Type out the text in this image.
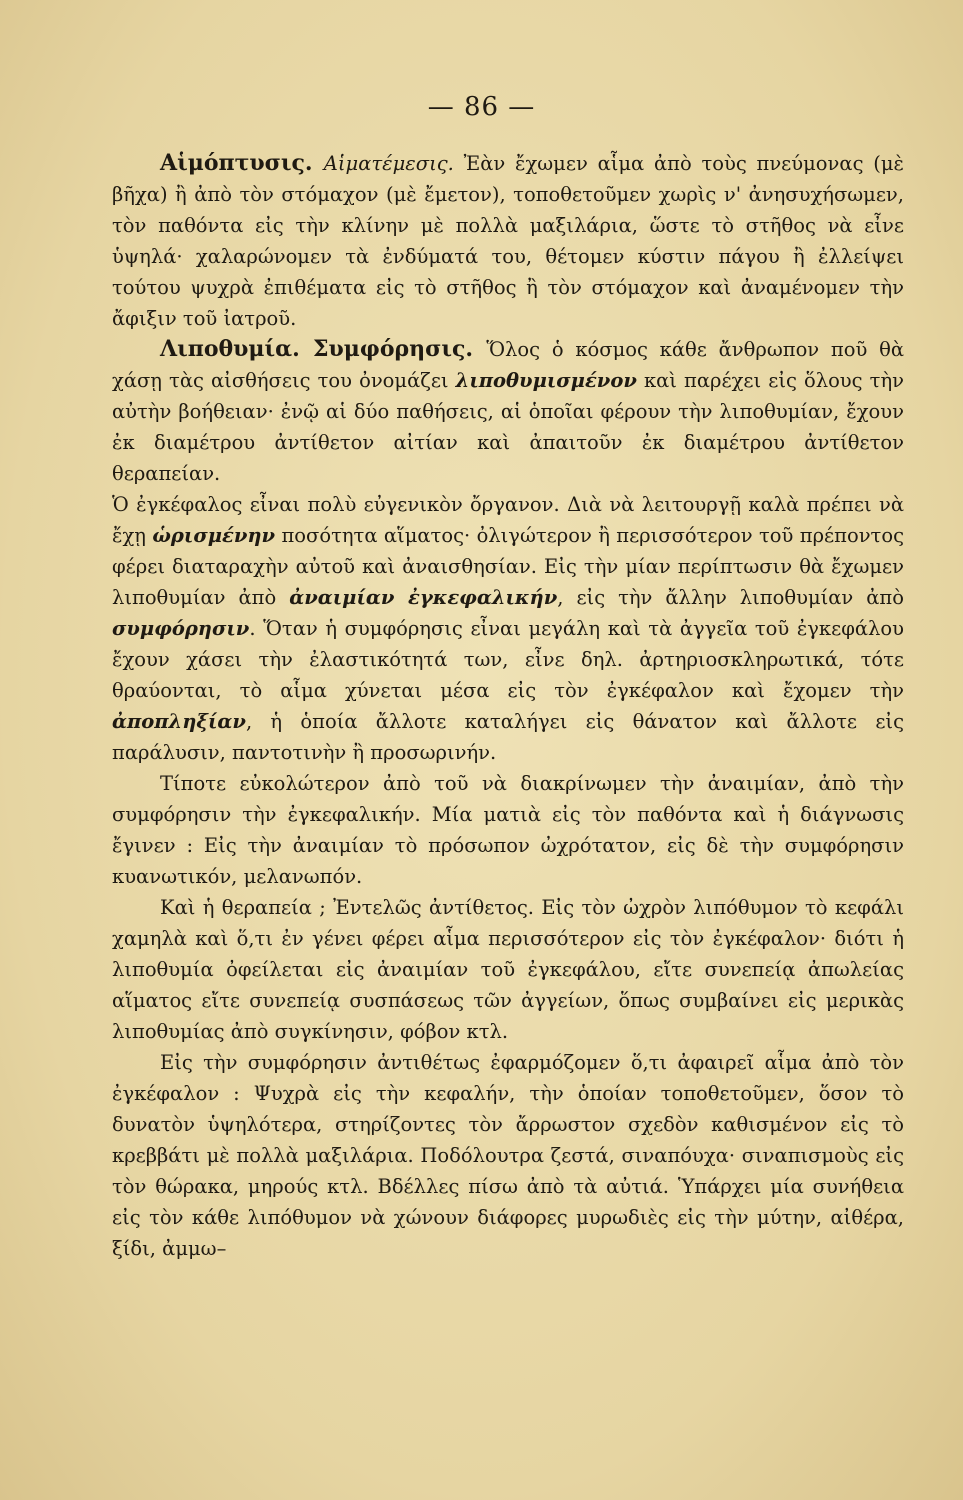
— 86 —

Αἱμόπτυσις. Αἱματέμεσις. Ἐὰν ἔχωμεν αἷμα ἀπὸ τοὺς πνεύμονας (μὲ βῆχα) ἢ ἀπὸ τὸν στόμαχον (μὲ ἔμετον), τοποθετοῦμεν χωρὶς ν' ἀνησυχήσωμεν, τὸν παθόντα εἰς τὴν κλίνην μὲ πολλὰ μαξιλάρια, ὥστε τὸ στῆθος νὰ εἶνε ὑψηλά· χαλαρώνομεν τὰ ἐνδύματά του, θέτομεν κύστιν πάγου ἢ ἐλλείψει τούτου ψυχρὰ ἐπιθέματα εἰς τὸ στῆθος ἢ τὸν στόμαχον καὶ ἀναμένομεν τὴν ἄφιξιν τοῦ ἰατροῦ.

Λιποθυμία. Συμφόρησις. Ὅλος ὁ κόσμος κάθε ἄνθρωπον ποῦ θὰ χάσῃ τὰς αἰσθήσεις του ὀνομάζει λιποθυμισμένον καὶ παρέχει εἰς ὅλους τὴν αὐτὴν βοήθειαν· ἐνῷ αἱ δύο παθήσεις, αἱ ὁποῖαι φέρουν τὴν λιποθυμίαν, ἔχουν ἐκ διαμέτρου ἀντίθετον αἰτίαν καὶ ἀπαιτοῦν ἐκ διαμέτρου ἀντίθετον θεραπείαν.

Ὁ ἐγκέφαλος εἶναι πολὺ εὐγενικὸν ὄργανον. Διὰ νὰ λειτουργῇ καλὰ πρέπει νὰ ἔχῃ ὡρισμένην ποσότητα αἵματος· ὀλιγώτερον ἢ περισσότερον τοῦ πρέποντος φέρει διαταραχὴν αὐτοῦ καὶ ἀναισθησίαν. Εἰς τὴν μίαν περίπτωσιν θὰ ἔχωμεν λιποθυμίαν ἀπὸ ἀναιμίαν ἐγκεφαλικήν, εἰς τὴν ἄλλην λιποθυμίαν ἀπὸ συμφόρησιν. Ὅταν ἡ συμφόρησις εἶναι μεγάλη καὶ τὰ ἀγγεῖα τοῦ ἐγκεφάλου ἔχουν χάσει τὴν ἐλαστικότητά των, εἶνε δηλ. ἀρτηριοσκληρωτικά, τότε θραύονται, τὸ αἷμα χύνεται μέσα εἰς τὸν ἐγκέφαλον καὶ ἔχομεν τὴν ἀποπληξίαν, ἡ ὁποία ἄλλοτε καταλήγει εἰς θάνατον καὶ ἄλλοτε εἰς παράλυσιν, παντοτινὴν ἢ προσωρινήν.

Τίποτε εὐκολώτερον ἀπὸ τοῦ νὰ διακρίνωμεν τὴν ἀναιμίαν, ἀπὸ τὴν συμφόρησιν τὴν ἐγκεφαλικήν. Μία ματιὰ εἰς τὸν παθόντα καὶ ἡ διάγνωσις ἔγινεν : Εἰς τὴν ἀναιμίαν τὸ πρόσωπον ὠχρότατον, εἰς δὲ τὴν συμφόρησιν κυανωτικόν, μελανωπόν.

Καὶ ἡ θεραπεία ; Ἐντελῶς ἀντίθετος. Εἰς τὸν ὠχρὸν λιπόθυμον τὸ κεφάλι χαμηλὰ καὶ ὅ,τι ἐν γένει φέρει αἷμα περισσότερον εἰς τὸν ἐγκέφαλον· διότι ἡ λιποθυμία ὀφείλεται εἰς ἀναιμίαν τοῦ ἐγκεφάλου, εἴτε συνεπείᾳ ἀπωλείας αἵματος εἴτε συνεπείᾳ συσπάσεως τῶν ἀγγείων, ὅπως συμβαίνει εἰς μερικὰς λιποθυμίας ἀπὸ συγκίνησιν, φόβον κτλ.

Εἰς τὴν συμφόρησιν ἀντιθέτως ἐφαρμόζομεν ὅ,τι ἀφαιρεῖ αἷμα ἀπὸ τὸν ἐγκέφαλον : Ψυχρὰ εἰς τὴν κεφαλήν, τὴν ὁποίαν τοποθετοῦμεν, ὅσον τὸ δυνατὸν ὑψηλότερα, στηρίζοντες τὸν ἄρρωστον σχεδὸν καθισμένον εἰς τὸ κρεββάτι μὲ πολλὰ μαξιλάρια. Ποδόλουτρα ζεστά, σιναπόυχα· σιναπισμοὺς εἰς τὸν θώρακα, μηρούς κτλ. Βδέλλες πίσω ἀπὸ τὰ αὐτιά. Ὑπάρχει μία συνήθεια εἰς τὸν κάθε λιπόθυμον νὰ χώνουν διάφορες μυρωδιὲς εἰς τὴν μύτην, αἰθέρα, ξίδι, ἀμμω–
